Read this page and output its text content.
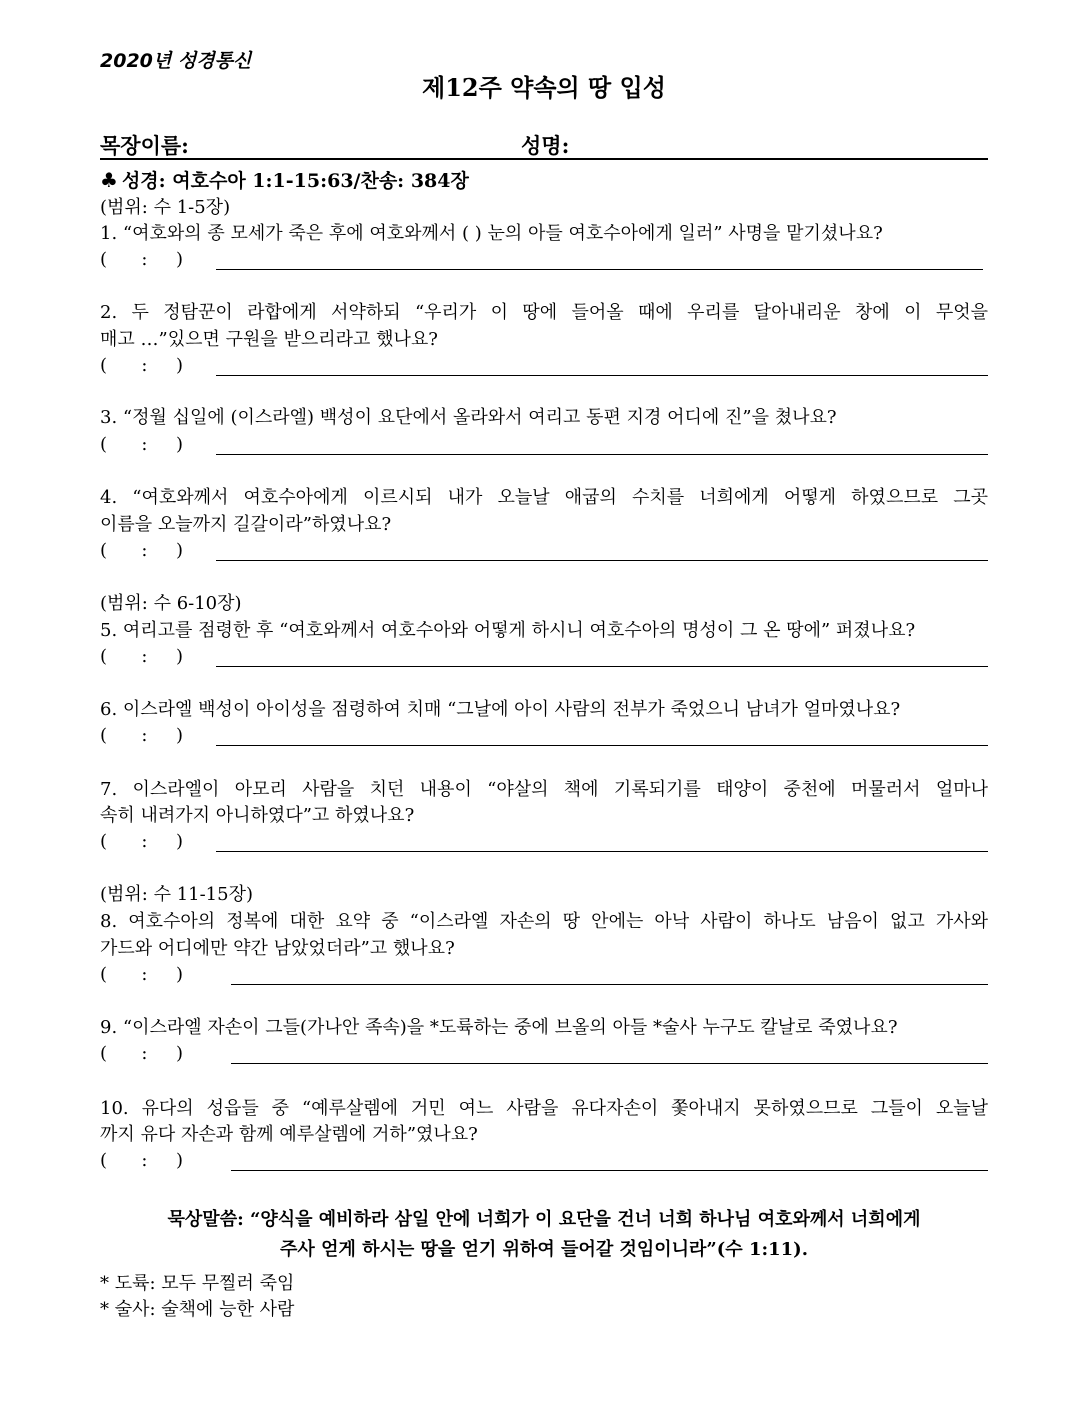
2020년 성경통신
제12주 약속의 땅 입성
목장이름:	성명:
♣ 성경: 여호수아 1:1-15:63/찬송: 384장
(범위: 수 1-5장)
1. “여호와의 종 모세가 죽은 후에 여호와께서 ( ) 눈의 아들 여호수아에게 일러” 사명을 맡기셨나요?
(      :     )
2. 두 정탐꾼이 라합에게 서약하되 “우리가 이 땅에 들어올 때에 우리를 달아내리운 창에 이 무엇을
매고 …”있으면 구원을 받으리라고 했나요?
(      :     )
3. “정월 십일에 (이스라엘) 백성이 요단에서 올라와서 여리고 동편 지경 어디에 진”을 쳤나요?
(      :     )
4. “여호와께서 여호수아에게 이르시되 내가 오늘날 애굽의 수치를 너희에게 어떻게 하였으므로 그곳
이름을 오늘까지 길갈이라”하였나요?
(      :     )
(범위: 수 6-10장)
5. 여리고를 점령한 후 “여호와께서 여호수아와 어떻게 하시니 여호수아의 명성이 그 온 땅에” 퍼졌나요?
(      :     )
6. 이스라엘 백성이 아이성을 점령하여 치매 “그날에 아이 사람의 전부가 죽었으니 남녀가 얼마였나요?
(      :     )
7. 이스라엘이 아모리 사람을 치던 내용이 “야살의 책에 기록되기를 태양이 중천에 머물러서 얼마나
속히 내려가지 아니하였다”고 하였나요?
(      :     )
(범위: 수 11-15장)
8. 여호수아의 정복에 대한 요약 중 “이스라엘 자손의 땅 안에는 아낙 사람이 하나도 남음이 없고 가사와
가드와 어디에만 약간 남았었더라”고 했나요?
(      :     )
9. “이스라엘 자손이 그들(가나안 족속)을 *도륙하는 중에 브올의 아들 *술사 누구도 칼날로 죽였나요?
(      :     )
10. 유다의 성읍들 중 “예루살렘에 거민 여느 사람을 유다자손이 쫓아내지 못하였으므로 그들이 오늘날
까지 유다 자손과 함께 예루살렘에 거하”였나요?
(      :     )
묵상말씀: “양식을 예비하라 삼일 안에 너희가 이 요단을 건너 너희 하나님 여호와께서 너희에게
주사 얻게 하시는 땅을 얻기 위하여 들어갈 것임이니라”(수 1:11).
* 도륙: 모두 무찔러 죽임
* 술사: 술책에 능한 사람
